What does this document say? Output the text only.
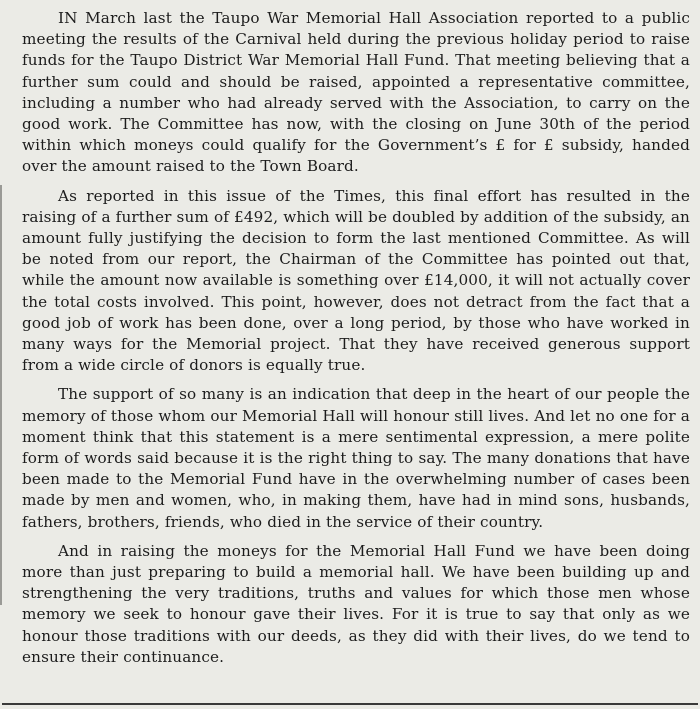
IN March last the Taupo War Memorial Hall Association reported to a public meeting the results of the Carnival held during the previous holiday period to raise funds for the Taupo District War Memorial Hall Fund. That meeting believing that a further sum could and should be raised, appointed a representative committee, including a number who had already served with the Association, to carry on the good work. The Committee has now, with the closing on June 30th of the period within which moneys could qualify for the Government’s £ for £ subsidy, handed over the amount raised to the Town Board.

As reported in this issue of the Times, this final effort has resulted in the raising of a further sum of £492, which will be doubled by addition of the subsidy, an amount fully justifying the decision to form the last mentioned Committee. As will be noted from our report, the Chairman of the Committee has pointed out that, while the amount now available is something over £14,000, it will not actually cover the total costs involved. This point, however, does not detract from the fact that a good job of work has been done, over a long period, by those who have worked in many ways for the Memorial project. That they have received generous support from a wide circle of donors is equally true.

The support of so many is an indication that deep in the heart of our people the memory of those whom our Memorial Hall will honour still lives. And let no one for a moment think that this statement is a mere sentimental expression, a mere polite form of words said because it is the right thing to say. The many donations that have been made to the Memorial Fund have in the overwhelming number of cases been made by men and women, who, in making them, have had in mind sons, husbands, fathers, brothers, friends, who died in the service of their country.

And in raising the moneys for the Memorial Hall Fund we have been doing more than just preparing to build a memorial hall. We have been building up and strengthening the very traditions, truths and values for which those men whose memory we seek to honour gave their lives. For it is true to say that only as we honour those traditions with our deeds, as they did with their lives, do we tend to ensure their continuance.
